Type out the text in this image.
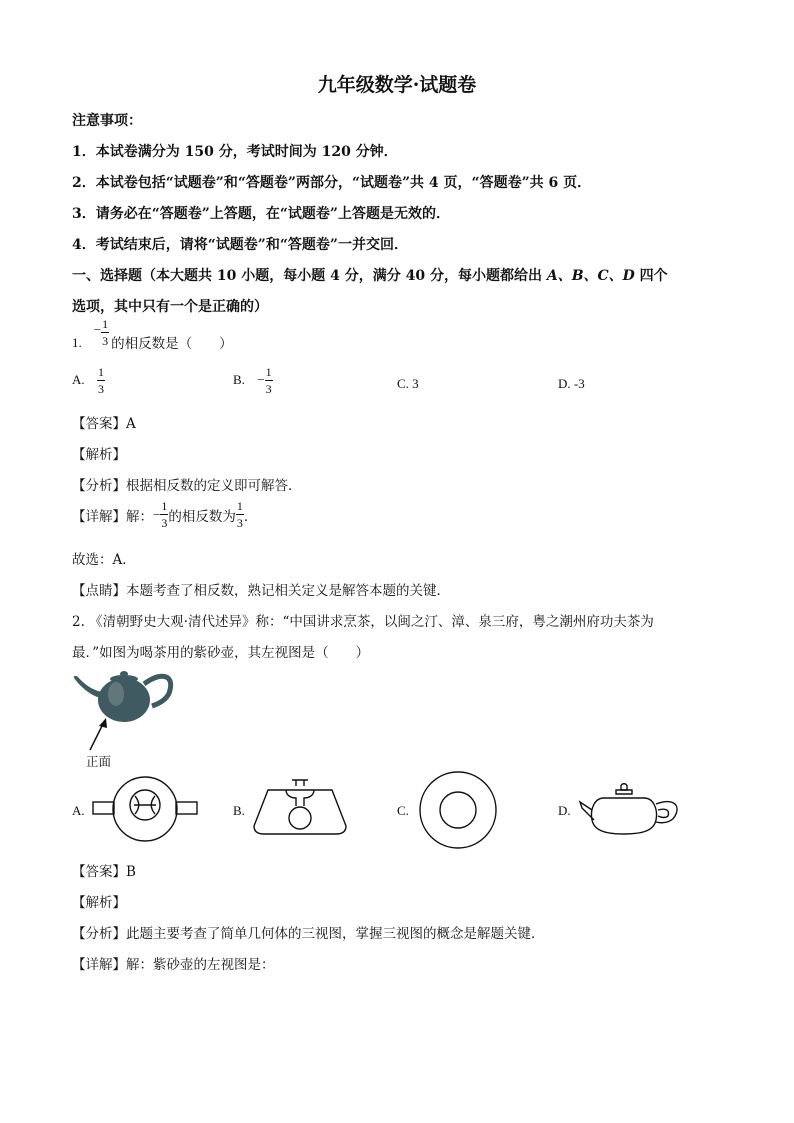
九年级数学·试题卷
注意事项：
1．本试卷满分为 150 分，考试时间为 120 分钟．
2．本试卷包括“试题卷”和“答题卷”两部分，“试题卷”共 4 页，“答题卷”共 6 页．
3．请务必在“答题卷”上答题，在“试题卷”上答题是无效的．
4．考试结束后，请将“试题卷”和“答题卷”一并交回．
一、选择题（本大题共 10 小题，每小题 4 分，满分 40 分，每小题都给出 A、B、C、D 四个
选项，其中只有一个是正确的）
$1.- \frac{1}{3}$ 的相反数是（　　）
A. $\frac{1}{3}$	B. − $\frac{1}{3}$	C. 3	D. -3
【答案】A
【解析】
【分析】根据相反数的定义即可解答．
【详解】解：− $\frac{1}{3}$ 的相反数为 $\frac{1}{3}$ ．
故选：A．
【点睛】本题考查了相反数，熟记相关定义是解答本题的关键．
2. 《清朝野史大观·清代述异》称：“中国讲求烹茶，以闽之汀、漳、泉三府，粤之潮州府功夫茶为
最．”如图为喝茶用的紫砂壶，其左视图是（　　）
正面
A.	B.	C.	D.
【答案】B
【解析】
【分析】此题主要考查了简单几何体的三视图，掌握三视图的概念是解题关键．
【详解】解：紫砂壶的左视图是：
